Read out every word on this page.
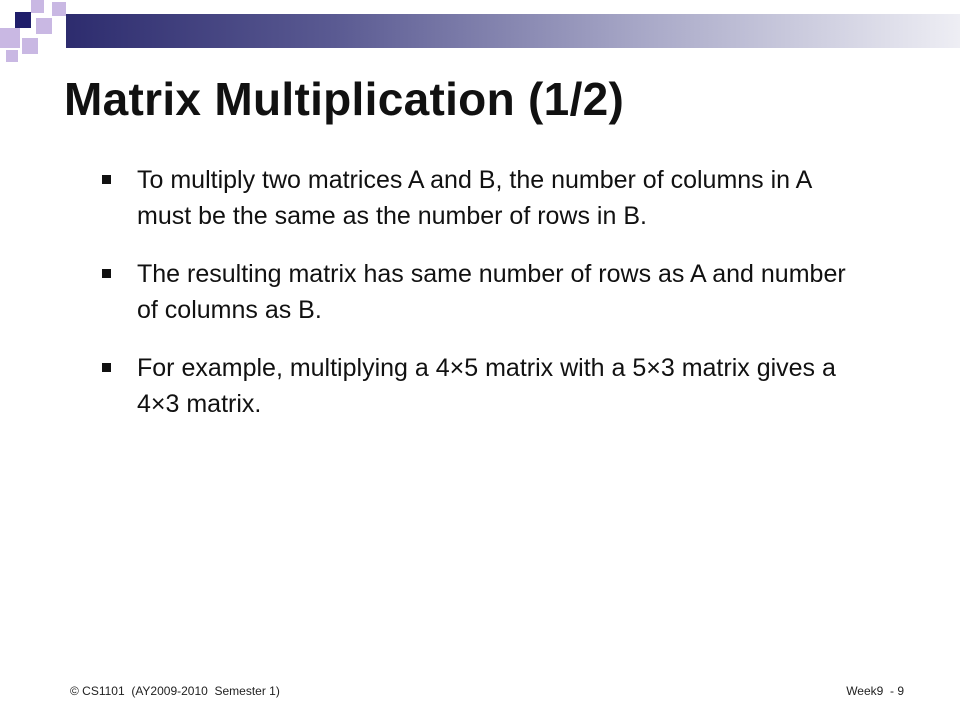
Matrix Multiplication (1/2)
To multiply two matrices A and B, the number of columns in A must be the same as the number of rows in B.
The resulting matrix has same number of rows as A and number of columns as B.
For example, multiplying a 4×5 matrix with a 5×3 matrix gives a 4×3 matrix.
© CS1101  (AY2009-2010  Semester 1)	Week9  - 9
